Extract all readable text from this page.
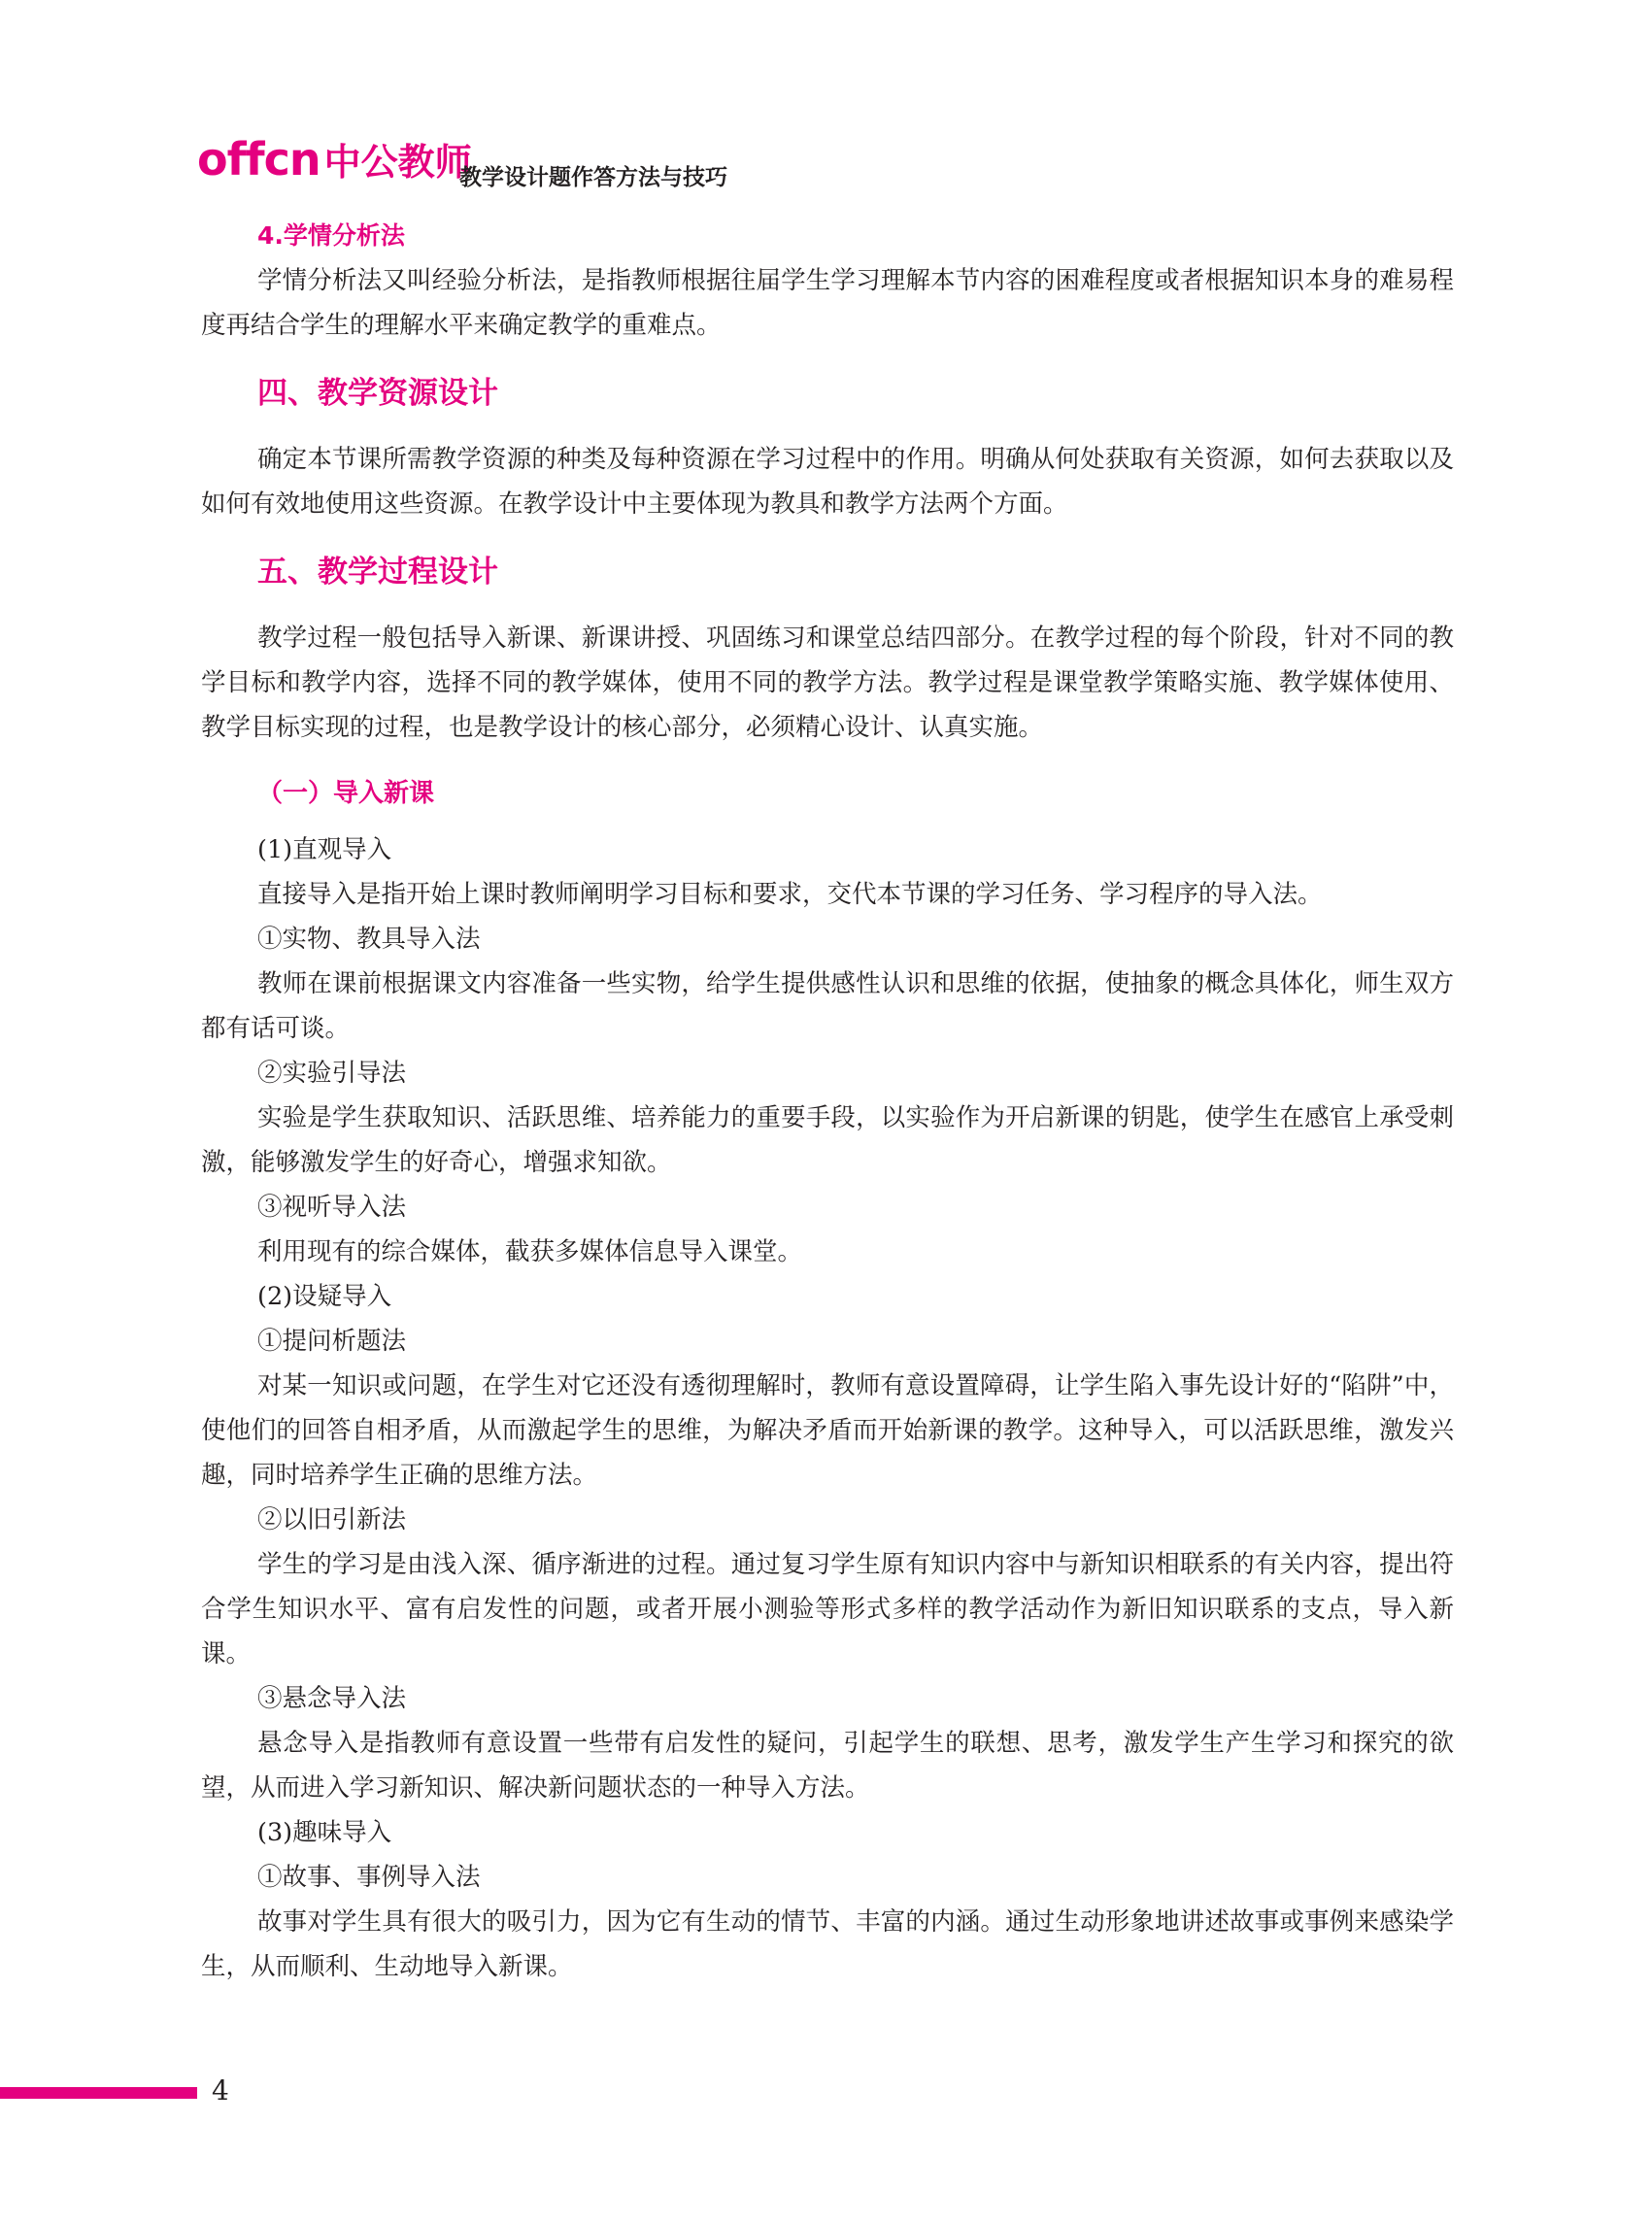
offcn 中公教师
教学设计题作答方法与技巧

4.学情分析法

学情分析法又叫经验分析法，是指教师根据往届学生学习理解本节内容的困难程度或者根据知识本身的难易程度再结合学生的理解水平来确定教学的重难点。

四、教学资源设计

确定本节课所需教学资源的种类及每种资源在学习过程中的作用。明确从何处获取有关资源，如何去获取以及如何有效地使用这些资源。在教学设计中主要体现为教具和教学方法两个方面。

五、教学过程设计

教学过程一般包括导入新课、新课讲授、巩固练习和课堂总结四部分。在教学过程的每个阶段，针对不同的教学目标和教学内容，选择不同的教学媒体，使用不同的教学方法。教学过程是课堂教学策略实施、教学媒体使用、教学目标实现的过程，也是教学设计的核心部分，必须精心设计、认真实施。

（一）导入新课

(1)直观导入

直接导入是指开始上课时教师阐明学习目标和要求，交代本节课的学习任务、学习程序的导入法。

①实物、教具导入法

教师在课前根据课文内容准备一些实物，给学生提供感性认识和思维的依据，使抽象的概念具体化，师生双方都有话可谈。

②实验引导法

实验是学生获取知识、活跃思维、培养能力的重要手段，以实验作为开启新课的钥匙，使学生在感官上承受刺激，能够激发学生的好奇心，增强求知欲。

③视听导入法

利用现有的综合媒体，截获多媒体信息导入课堂。

(2)设疑导入

①提问析题法

对某一知识或问题，在学生对它还没有透彻理解时，教师有意设置障碍，让学生陷入事先设计好的“陷阱”中，使他们的回答自相矛盾，从而激起学生的思维，为解决矛盾而开始新课的教学。这种导入，可以活跃思维，激发兴趣，同时培养学生正确的思维方法。

②以旧引新法

学生的学习是由浅入深、循序渐进的过程。通过复习学生原有知识内容中与新知识相联系的有关内容，提出符合学生知识水平、富有启发性的问题，或者开展小测验等形式多样的教学活动作为新旧知识联系的支点，导入新课。

③悬念导入法

悬念导入是指教师有意设置一些带有启发性的疑问，引起学生的联想、思考，激发学生产生学习和探究的欲望，从而进入学习新知识、解决新问题状态的一种导入方法。

(3)趣味导入

①故事、事例导入法

故事对学生具有很大的吸引力，因为它有生动的情节、丰富的内涵。通过生动形象地讲述故事或事例来感染学生，从而顺利、生动地导入新课。

4
